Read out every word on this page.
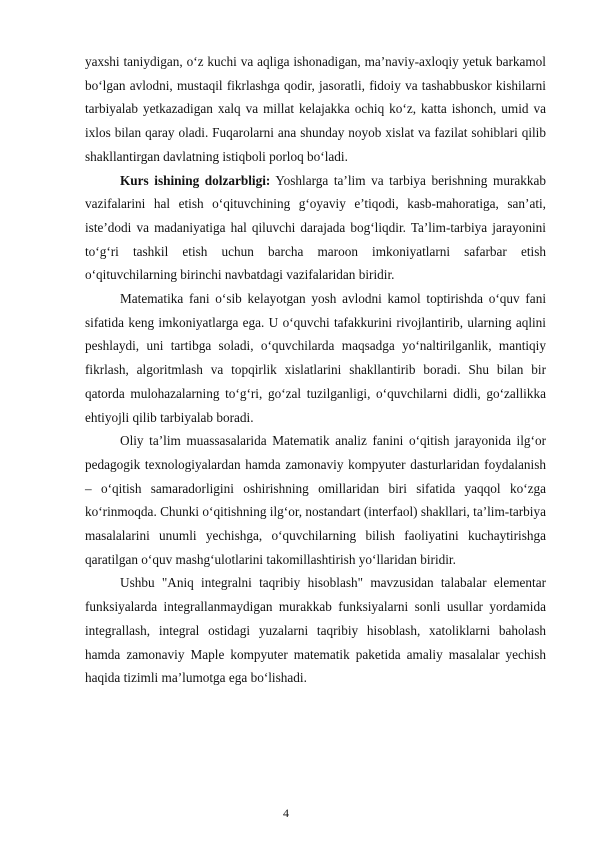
yaxshi taniydigan, o‘z kuchi va aqliga ishonadigan, ma’naviy-axloqiy yetuk barkamol bo‘lgan avlodni, mustaqil fikrlashga qodir, jasoratli, fidoiy va tashabbuskor kishilarni tarbiyalab yetkazadigan xalq va millat kelajakka ochiq ko‘z, katta ishonch, umid va ixlos bilan qaray oladi. Fuqarolarni ana shunday noyob xislat va fazilat sohiblari qilib shakllantirgan davlatning istiqboli porloq bo‘ladi.

Kurs ishining dolzarbligi: Yoshlarga ta’lim va tarbiya berishning murakkab vazifalarini hal etish o‘qituvchining g‘oyaviy e’tiqodi, kasb-mahoratiga, san’ati, iste’dodi va madaniyatiga hal qiluvchi darajada bog‘liqdir. Ta’lim-tarbiya jarayonini to‘g‘ri tashkil etish uchun barcha maroon imkoniyatlarni safarbar etish o‘qituvchilarning birinchi navbatdagi vazifalaridan biridir.

Matematika fani o‘sib kelayotgan yosh avlodni kamol toptirishda o‘quv fani sifatida keng imkoniyatlarga ega. U o‘quvchi tafakkurini rivojlantirib, ularning aqlini peshlaydi, uni tartibga soladi, o‘quvchilarda maqsadga yo‘naltirilganlik, mantiqiy fikrlash, algoritmlash va topqirlik xislatlarini shakllantirib boradi. Shu bilan bir qatorda mulohazalarning to‘g‘ri, go‘zal tuzilganligi, o‘quvchilarni didli, go‘zallikka ehtiyojli qilib tarbiyalab boradi.

Oliy ta’lim muassasalarida Matematik analiz fanini o‘qitish jarayonida ilg‘or pedagogik texnologiyalardan hamda zamonaviy kompyuter dasturlaridan foydalanish – o‘qitish samaradorligini oshirishning omillaridan biri sifatida yaqqol ko‘zga ko‘rinmoqda. Chunki o‘qitishning ilg‘or, nostandart (interfaol) shakllari, ta’lim-tarbiya masalalarini unumli yechishga, o‘quvchilarning bilish faoliyatini kuchaytirishga qaratilgan o‘quv mashg‘ulotlarini takomillashtirish yo‘llaridan biridir.

Ushbu "Aniq integralni taqribiy hisoblash" mavzusidan talabalar elementar funksiyalarda integrallanmaydigan murakkab funksiyalarni sonli usullar yordamida integrallash, integral ostidagi yuzalarni taqribiy hisoblash, xatoliklarni baholash hamda zamonaviy Maple kompyuter matematik paketida amaliy masalalar yechish haqida tizimli ma’lumotga ega bo‘lishadi.

4
